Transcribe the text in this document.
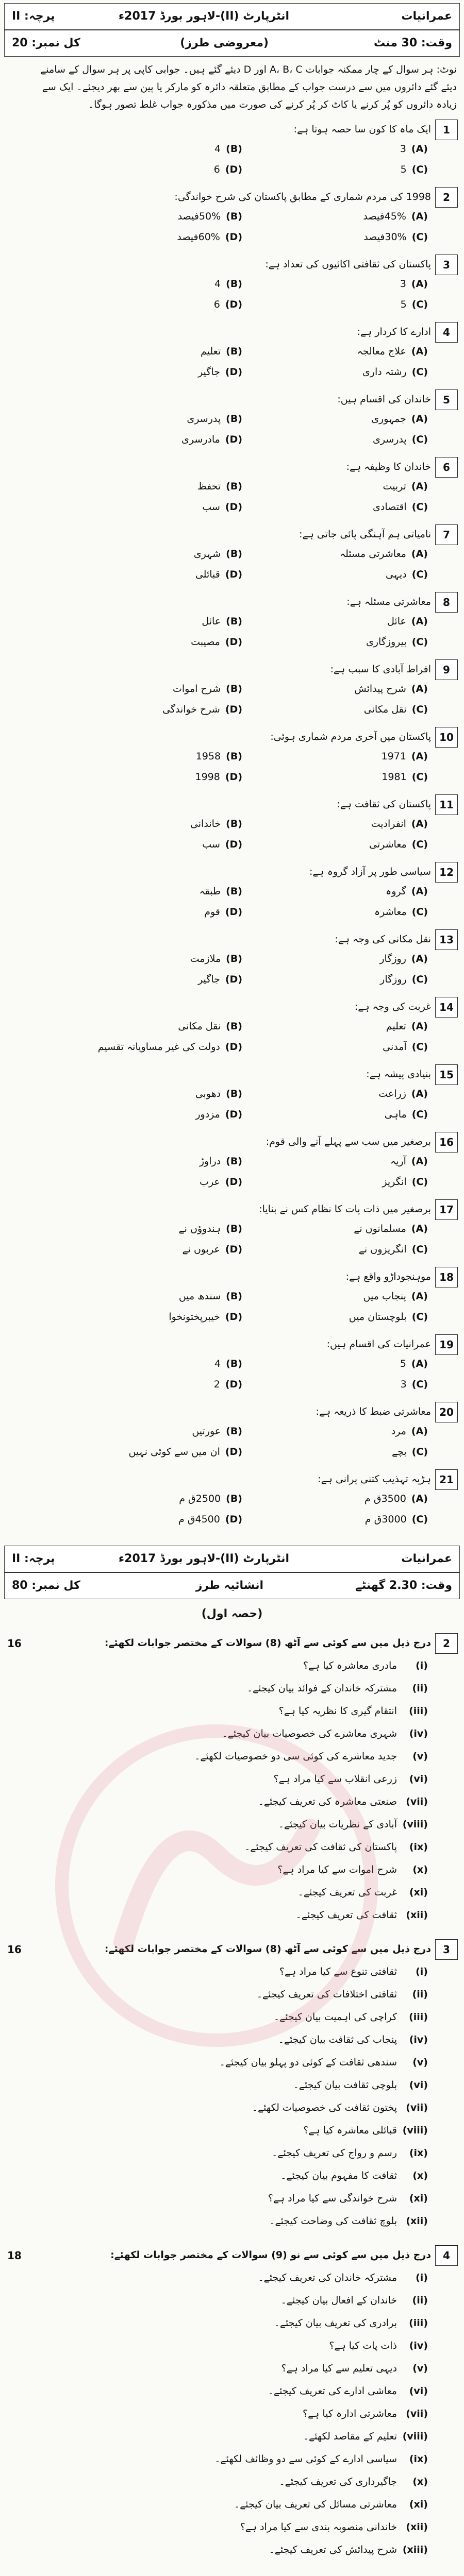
عمرانیات
انٹرپارٹ (II)-لاہور بورڈ 2017ء
پرچہ: II
وقت: 30 منٹ
(معروضی طرز)
کل نمبر: 20
نوٹ: ہر سوال کے چار ممکنہ جوابات A، B، C اور D دیئے گئے ہیں۔ جوابی کاپی پر ہر سوال کے سامنے
دیئے گئے دائروں میں سے درست جواب کے مطابق متعلقہ دائرہ کو مارکر یا پین سے بھر دیجئے۔ ایک سے
زیادہ دائروں کو پُر کرنے یا کاٹ کر پُر کرنے کی صورت میں مذکورہ جواب غلط تصور ہوگا۔
1
ایک ماہ کا کون سا حصہ ہوتا ہے:
3 (A)
4 (B)
5 (C)
6 (D)
2
1998 کی مردم شماری کے مطابق پاکستان کی شرح خواندگی:
45%فیصد (A)
50%فیصد (B)
30%فیصد (C)
60%فیصد (D)
3
پاکستان کی ثقافتی اکائیوں کی تعداد ہے:
3 (A)
4 (B)
5 (C)
6 (D)
4
ادارے کا کردار ہے:
علاج معالجہ (A)
تعلیم (B)
رشتہ داری (C)
جاگیر (D)
5
خاندان کی اقسام ہیں:
جمہوری (A)
پدرسری (B)
پدرسری (C)
مادرسری (D)
6
خاندان کا وظیفہ ہے:
تربیت (A)
تحفظ (B)
اقتصادی (C)
سب (D)
7
نامیاتی ہم آہنگی پائی جاتی ہے:
معاشرتی مسئلہ (A)
شہری (B)
دیہی (C)
قبائلی (D)
8
معاشرتی مسئلہ ہے:
عائل (A)
عائل (B)
بیروزگاری (C)
مصیبت (D)
9
افراط آبادی کا سبب ہے:
شرح پیدائش (A)
شرح اموات (B)
نقل مکانی (C)
شرح خواندگی (D)
10
پاکستان میں آخری مردم شماری ہوئی:
1971 (A)
1958 (B)
1981 (C)
1998 (D)
11
پاکستان کی ثقافت ہے:
انفرادیت (A)
خاندانی (B)
معاشرتی (C)
سب (D)
12
سیاسی طور پر آزاد گروہ ہے:
گروہ (A)
طبقہ (B)
معاشرہ (C)
قوم (D)
13
نقل مکانی کی وجہ ہے:
روزگار (A)
ملازمت (B)
روزگار (C)
جاگیر (D)
14
غربت کی وجہ ہے:
تعلیم (A)
نقل مکانی (B)
آمدنی (C)
دولت کی غیر مساویانہ تقسیم (D)
15
بنیادی پیشہ ہے:
زراعت (A)
دھوبی (B)
ماہی (C)
مزدور (D)
16
برصغیر میں سب سے پہلے آنے والی قوم:
آریہ (A)
دراوڑ (B)
انگریز (C)
عرب (D)
17
برصغیر میں ذات پات کا نظام کس نے بنایا:
مسلمانوں نے (A)
ہندوؤں نے (B)
انگریزوں نے (C)
عربوں نے (D)
18
موہنجوداڑو واقع ہے:
پنجاب میں (A)
سندھ میں (B)
بلوچستان میں (C)
خیبرپختونخوا (D)
19
عمرانیات کی اقسام ہیں:
5 (A)
4 (B)
3 (C)
2 (D)
20
معاشرتی ضبط کا ذریعہ ہے:
مرد (A)
عورتیں (B)
بچے (C)
ان میں سے کوئی نہیں (D)
21
ہڑپہ تہذیب کتنی پرانی ہے:
3500ق م (A)
2500ق م (B)
3000ق م (C)
4500ق م (D)
عمرانیات
انٹرپارٹ (II)-لاہور بورڈ 2017ء
پرچہ: II
وقت: 2.30 گھنٹے
انشائیہ طرز
کل نمبر: 80
(حصہ اول)
2
درج ذیل میں سے کوئی سے آٹھ (8) سوالات کے مختصر جوابات لکھئے:
16
(i)
مادری معاشرہ کیا ہے؟
(ii)
مشترکہ خاندان کے فوائد بیان کیجئے۔
(iii)
انتقام گیری کا نظریہ کیا ہے؟
(iv)
شہری معاشرے کی خصوصیات بیان کیجئے۔
(v)
جدید معاشرے کی کوئی سی دو خصوصیات لکھئے۔
(vi)
زرعی انقلاب سے کیا مراد ہے؟
(vii)
صنعتی معاشرہ کی تعریف کیجئے۔
(viii)
آبادی کے نظریات بیان کیجئے۔
(ix)
پاکستان کی ثقافت کی تعریف کیجئے۔
(x)
شرح اموات سے کیا مراد ہے؟
(xi)
غربت کی تعریف کیجئے۔
(xii)
ثقافت کی تعریف کیجئے۔
3
درج ذیل میں سے کوئی سے آٹھ (8) سوالات کے مختصر جوابات لکھئے:
16
(i)
ثقافتی تنوع سے کیا مراد ہے؟
(ii)
ثقافتی اختلافات کی تعریف کیجئے۔
(iii)
کراچی کی اہمیت بیان کیجئے۔
(iv)
پنجاب کی ثقافت بیان کیجئے۔
(v)
سندھی ثقافت کے کوئی دو پہلو بیان کیجئے۔
(vi)
بلوچی ثقافت بیان کیجئے۔
(vii)
پختون ثقافت کی خصوصیات لکھئے۔
(viii)
قبائلی معاشرہ کیا ہے؟
(ix)
رسم و رواج کی تعریف کیجئے۔
(x)
ثقافت کا مفہوم بیان کیجئے۔
(xi)
شرح خواندگی سے کیا مراد ہے؟
(xii)
بلوچ ثقافت کی وضاحت کیجئے۔
4
درج ذیل میں سے کوئی سے نو (9) سوالات کے مختصر جوابات لکھئے:
18
(i)
مشترکہ خاندان کی تعریف کیجئے۔
(ii)
خاندان کے افعال بیان کیجئے۔
(iii)
برادری کی تعریف بیان کیجئے۔
(iv)
ذات پات کیا ہے؟
(v)
دیہی تعلیم سے کیا مراد ہے؟
(vi)
معاشی ادارے کی تعریف کیجئے۔
(vii)
معاشرتی ادارہ کیا ہے؟
(viii)
تعلیم کے مقاصد لکھئے۔
(ix)
سیاسی ادارے کے کوئی سے دو وظائف لکھئے۔
(x)
جاگیرداری کی تعریف کیجئے۔
(xi)
معاشرتی مسائل کی تعریف بیان کیجئے۔
(xii)
خاندانی منصوبہ بندی سے کیا مراد ہے؟
(xiii)
شرح پیدائش کی تعریف کیجئے۔
